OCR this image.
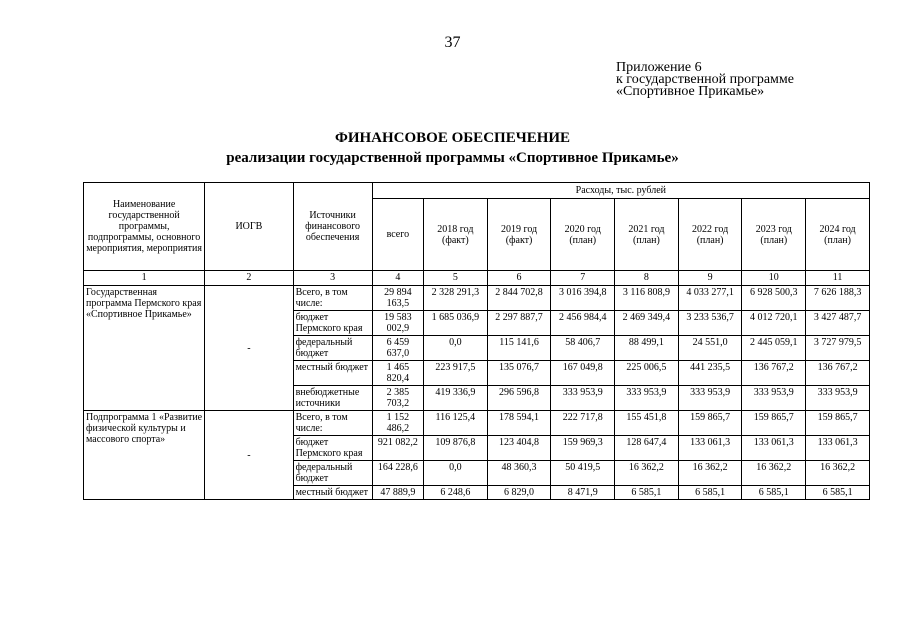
37
Приложение 6
к государственной программе
«Спортивное Прикамье»
ФИНАНСОВОЕ ОБЕСПЕЧЕНИЕ
реализации государственной программы «Спортивное Прикамье»
Наименование государственной программы, подпрограммы, основного мероприятия, мероприятия	ИОГВ	Источники финансового обеспечения	Расходы, тыс. рублей							
			всего	2018 год (факт)	2019 год (факт)	2020 год (план)	2021 год (план)	2022 год (план)	2023 год (план)	2024 год (план)
1	2	3	4	5	6	7	8	9	10	11
Государственная программа Пермского края «Спортивное Прикамье»	-	Всего, в том числе:	29 894 163,5	2 328 291,3	2 844 702,8	3 016 394,8	3 116 808,9	4 033 277,1	6 928 500,3	7 626 188,3
		бюджет Пермского края	19 583 002,9	1 685 036,9	2 297 887,7	2 456 984,4	2 469 349,4	3 233 536,7	4 012 720,1	3 427 487,7
		федеральный бюджет	6 459 637,0	0,0	115 141,6	58 406,7	88 499,1	24 551,0	2 445 059,1	3 727 979,5
		местный бюджет	1 465 820,4	223 917,5	135 076,7	167 049,8	225 006,5	441 235,5	136 767,2	136 767,2
		внебюджетные источники	2 385 703,2	419 336,9	296 596,8	333 953,9	333 953,9	333 953,9	333 953,9	333 953,9
Подпрограмма 1 «Развитие физической культуры и массового спорта»	-	Всего, в том числе:	1 152 486,2	116 125,4	178 594,1	222 717,8	155 451,8	159 865,7	159 865,7	159 865,7
		бюджет Пермского края	921 082,2	109 876,8	123 404,8	159 969,3	128 647,4	133 061,3	133 061,3	133 061,3
		федеральный бюджет	164 228,6	0,0	48 360,3	50 419,5	16 362,2	16 362,2	16 362,2	16 362,2
		местный бюджет	47 889,9	6 248,6	6 829,0	8 471,9	6 585,1	6 585,1	6 585,1	6 585,1
